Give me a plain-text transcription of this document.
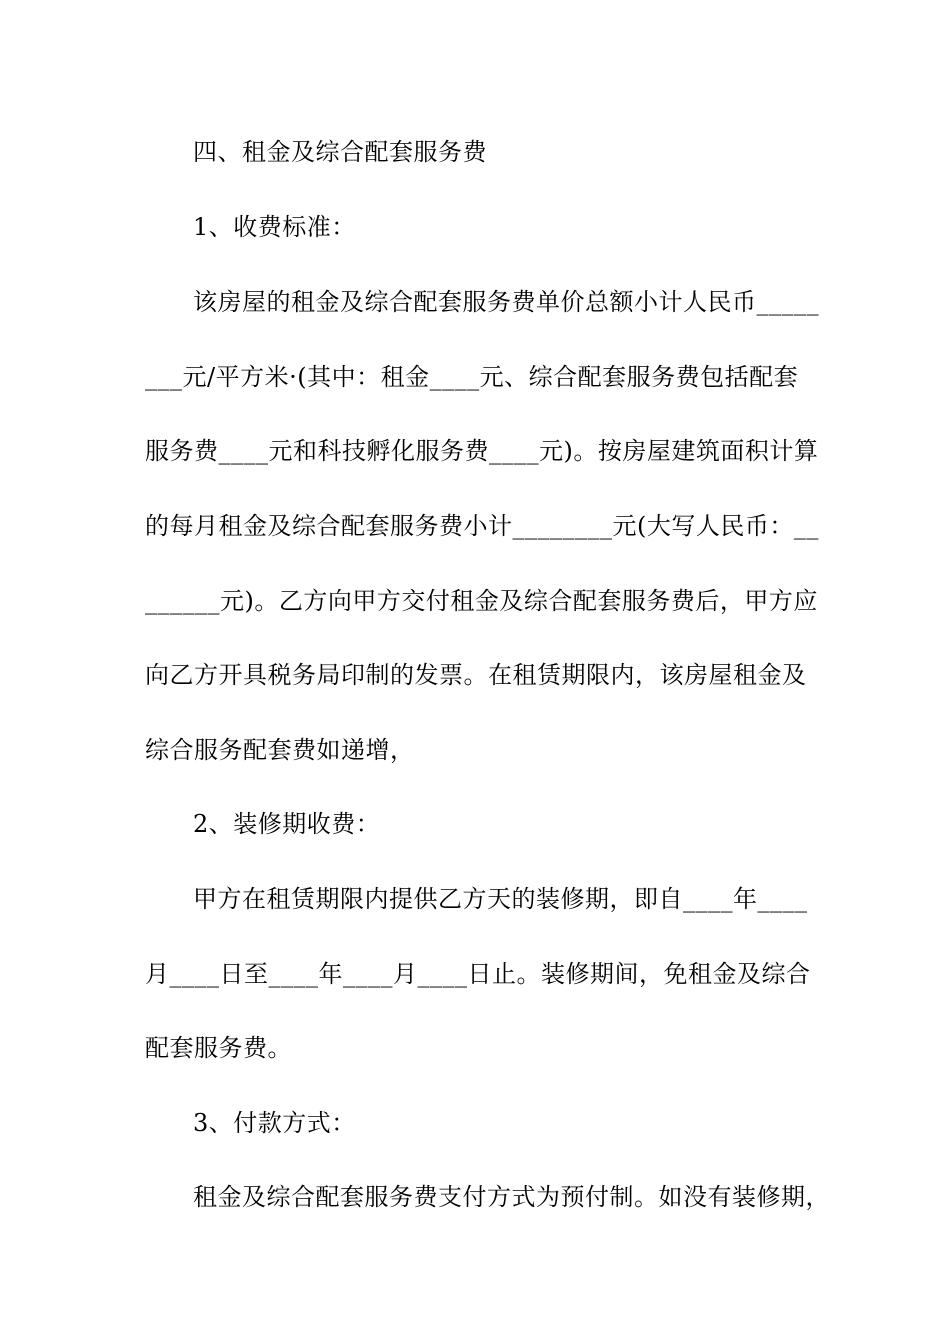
四、租金及综合配套服务费
1、收费标准：
该房屋的租金及综合配套服务费单价总额小计人民币_____
___元/平方米·(其中：租金____元、综合配套服务费包括配套
服务费____元和科技孵化服务费____元)。按房屋建筑面积计算
的每月租金及综合配套服务费小计________元(大写人民币：__
______元)。乙方向甲方交付租金及综合配套服务费后，甲方应
向乙方开具税务局印制的发票。在租赁期限内，该房屋租金及
综合服务配套费如递增，
2、装修期收费：
甲方在租赁期限内提供乙方天的装修期，即自____年____
月____日至____年____月____日止。装修期间，免租金及综合
配套服务费。
3、付款方式：
租金及综合配套服务费支付方式为预付制。如没有装修期，
